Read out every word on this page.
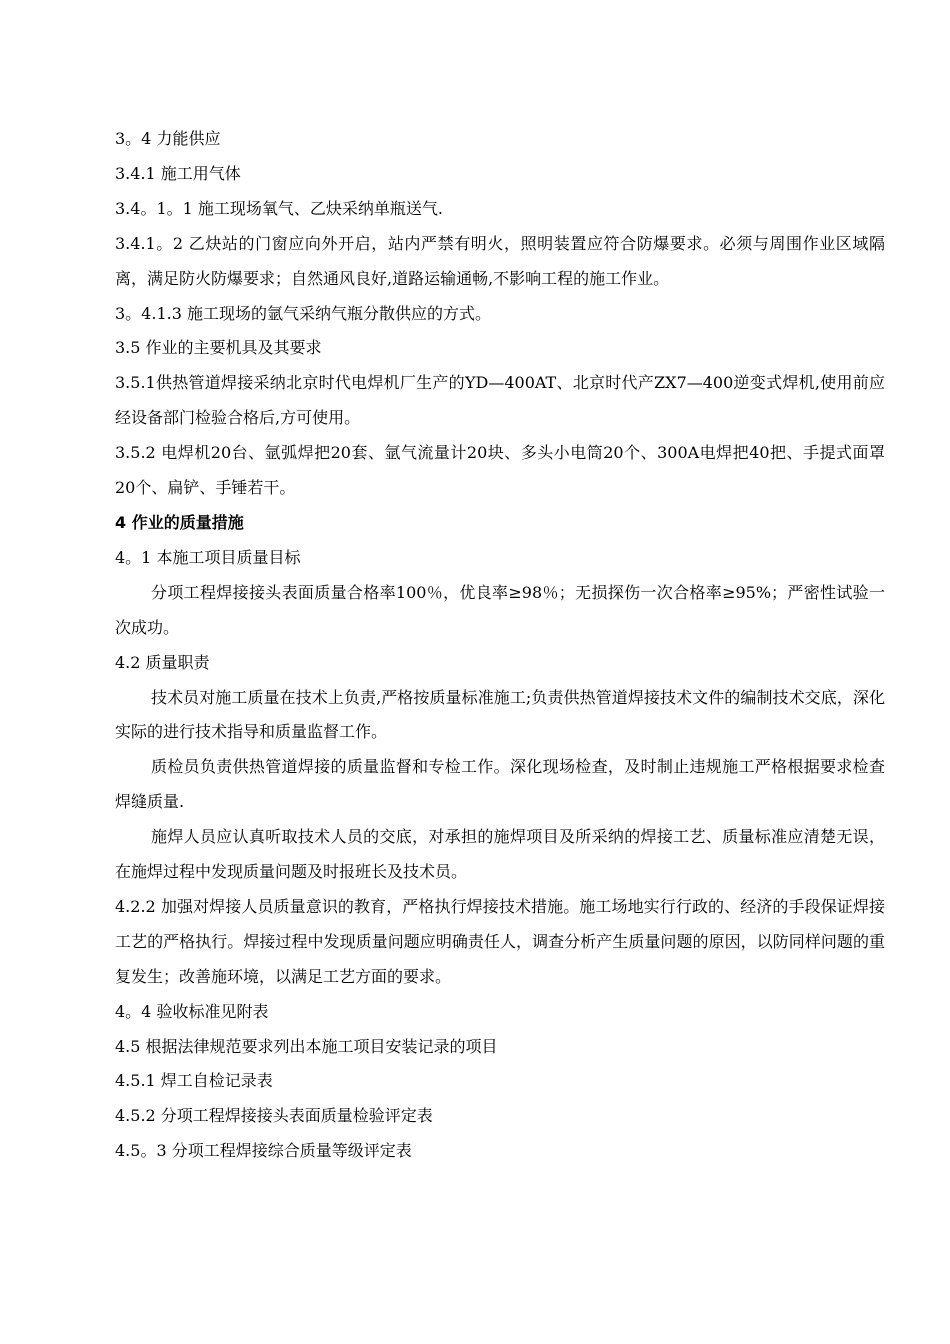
3。4 力能供应
3.4.1 施工用气体
3.4。1。1 施工现场氧气、乙炔采纳单瓶送气.
3.4.1。2 乙炔站的门窗应向外开启，站内严禁有明火，照明装置应符合防爆要求。必须与周围作业区域隔离，满足防火防爆要求；自然通风良好,道路运输通畅,不影响工程的施工作业。
3。4.1.3 施工现场的氩气采纳气瓶分散供应的方式。
3.5 作业的主要机具及其要求
3.5.1供热管道焊接采纳北京时代电焊机厂生产的YD—400AT、北京时代产ZX7—400逆变式焊机,使用前应经设备部门检验合格后,方可使用。
3.5.2 电焊机20台、氩弧焊把20套、氩气流量计20块、多头小电筒20个、300A电焊把40把、手提式面罩20个、扁铲、手锤若干。
4 作业的质量措施
4。1 本施工项目质量目标
分项工程焊接接头表面质量合格率100％，优良率≥98％；无损探伤一次合格率≥95%；严密性试验一次成功。
4.2 质量职责
技术员对施工质量在技术上负责,严格按质量标准施工;负责供热管道焊接技术文件的编制技术交底，深化实际的进行技术指导和质量监督工作。
质检员负责供热管道焊接的质量监督和专检工作。深化现场检查，及时制止违规施工严格根据要求检查焊缝质量.
施焊人员应认真听取技术人员的交底，对承担的施焊项目及所采纳的焊接工艺、质量标准应清楚无误，在施焊过程中发现质量问题及时报班长及技术员。
4.2.2 加强对焊接人员质量意识的教育，严格执行焊接技术措施。施工场地实行行政的、经济的手段保证焊接工艺的严格执行。焊接过程中发现质量问题应明确责任人，调查分析产生质量问题的原因，以防同样问题的重复发生；改善施环境，以满足工艺方面的要求。
4。4 验收标准见附表
4.5 根据法律规范要求列出本施工项目安装记录的项目
4.5.1 焊工自检记录表
4.5.2 分项工程焊接接头表面质量检验评定表
4.5。3 分项工程焊接综合质量等级评定表
